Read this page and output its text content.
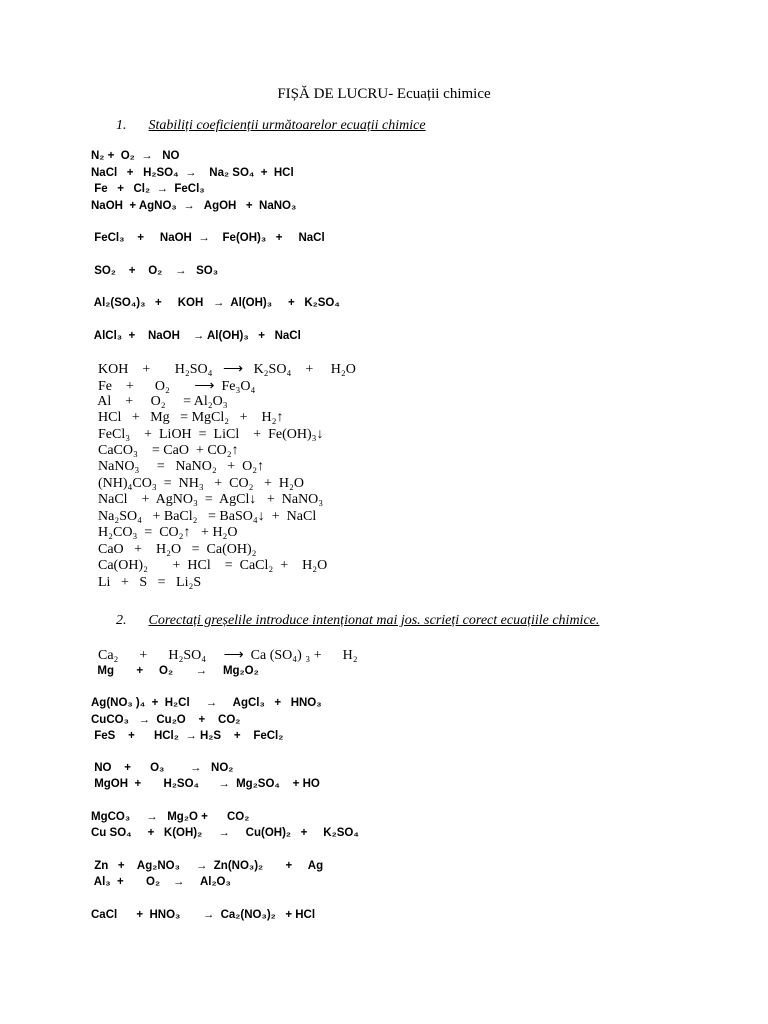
FIȘĂ DE LUCRU- Ecuații chimice
1. Stabiliți coeficienții următoarelor ecuații chimice
N₂ +  O₂  →   NO
NaCl   +   H₂SO₄  →    Na₂ SO₄  +  HCl
Fe   +   Cl₂  →  FeCl₃
NaOH  + AgNO₃  →   AgOH   +  NaNO₃
FeCl₃    +     NaOH  →    Fe(OH)₃   +     NaCl
SO₂    +    O₂    →   SO₃
Al₂(SO₄)₃   +     KOH   →  Al(OH)₃     +   K₂SO₄
AlCl₃  +    NaOH    → Al(OH)₃   +   NaCl
KOH    +       H₂SO₄   ⟶   K₂SO₄    +     H₂O
Fe    +      O₂       ⟶  Fe₃O₄
Al    +     O₂     = Al₂O₃
HCl   +   Mg   = MgCl₂   +    H₂↑
FeCl₃    +  LiOH  =  LiCl    +  Fe(OH)₃↓
CaCO₃    = CaO  + CO₂↑
NaNO₃     =   NaNO₂   +  O₂↑
(NH)₄CO₃  =  NH₃   +  CO₂   +  H₂O
NaCl    +  AgNO₃  =  AgCl↓   +  NaNO₃
Na₂SO₄   + BaCl₂   = BaSO₄↓  +  NaCl
H₂CO₃  =  CO₂↑   + H₂O
CaO   +    H₂O   =  Ca(OH)₂
Ca(OH)₂       +  HCl    =  CaCl₂  +    H₂O
Li   +   S   =   Li₂S
2. Corectați greșelile introduce intenționat mai jos. scrieți corect ecuațiile chimice.
Ca₂      +      H₂SO₄     ⟶  Ca (SO₄) ₃ +      H₂
Mg       +     O₂       →     Mg₂O₂
Ag(NO₃ )₄  +  H₂Cl     →     AgCl₃   +   HNO₃
CuCO₃   →  Cu₂O    +    CO₂
FeS    +      HCl₂  → H₂S    +    FeCl₂
NO    +      O₃        →   NO₂
MgOH  +       H₂SO₄      →  Mg₂SO₄    + HO
MgCO₃     →   Mg₂O +      CO₂
Cu SO₄     +   K(OH)₂     →     Cu(OH)₂   +     K₂SO₄
Zn   +    Ag₂NO₃     →  Zn(NO₃)₂       +     Ag
Al₃  +       O₂    →     Al₂O₃
CaCl      +  HNO₃       →  Ca₂(NO₃)₂   + HCl
